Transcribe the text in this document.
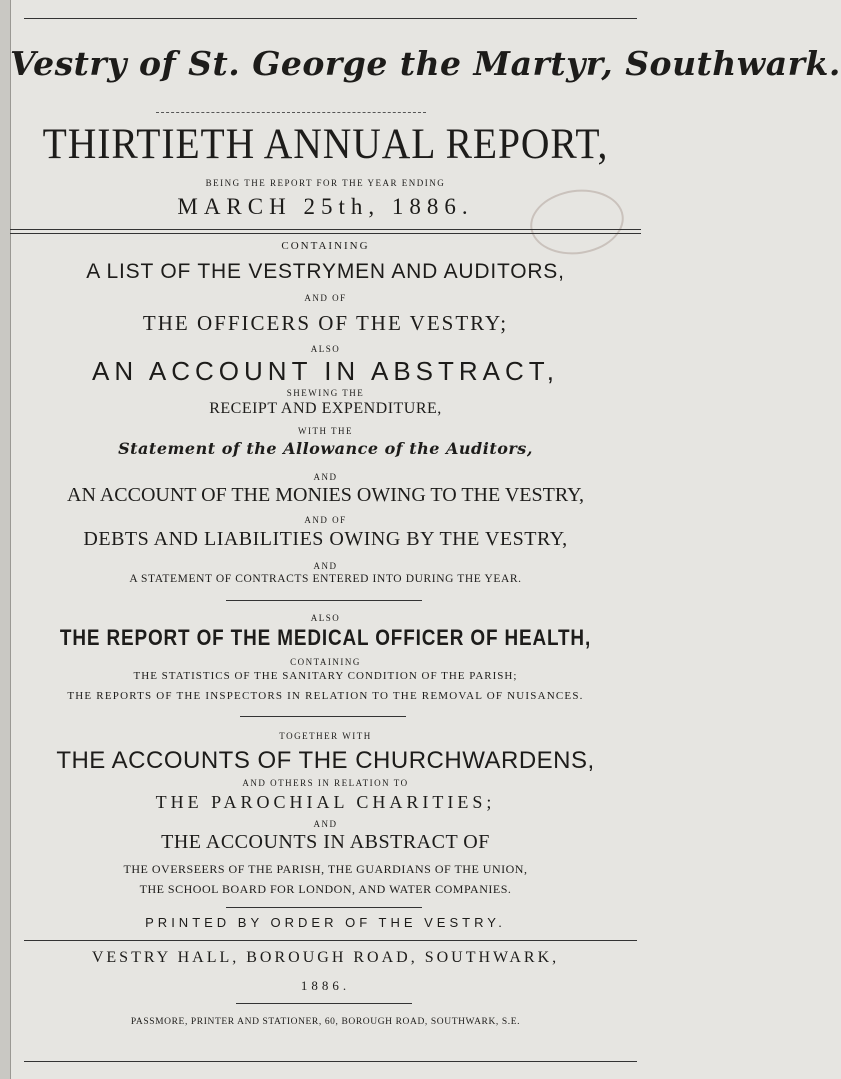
Vestry of St. George the Martyr, Southwark.
THIRTIETH ANNUAL REPORT,
BEING THE REPORT FOR THE YEAR ENDING
MARCH 25th, 1886.
CONTAINING
A LIST OF THE VESTRYMEN AND AUDITORS,
AND OF
THE OFFICERS OF THE VESTRY;
ALSO
AN ACCOUNT IN ABSTRACT,
SHEWING THE
RECEIPT AND EXPENDITURE,
WITH THE
Statement of the Allowance of the Auditors,
AND
AN ACCOUNT OF THE MONIES OWING TO THE VESTRY,
AND OF
DEBTS AND LIABILITIES OWING BY THE VESTRY,
AND
A STATEMENT OF CONTRACTS ENTERED INTO DURING THE YEAR.
ALSO
THE REPORT OF THE MEDICAL OFFICER OF HEALTH,
CONTAINING
THE STATISTICS OF THE SANITARY CONDITION OF THE PARISH;
THE REPORTS OF THE INSPECTORS IN RELATION TO THE REMOVAL OF NUISANCES.
TOGETHER WITH
THE ACCOUNTS OF THE CHURCHWARDENS,
AND OTHERS IN RELATION TO
THE PAROCHIAL CHARITIES;
AND
THE ACCOUNTS IN ABSTRACT OF
THE OVERSEERS OF THE PARISH, THE GUARDIANS OF THE UNION,
THE SCHOOL BOARD FOR LONDON, AND WATER COMPANIES.
PRINTED BY ORDER OF THE VESTRY.
VESTRY HALL, BOROUGH ROAD, SOUTHWARK,
1886.
PASSMORE, PRINTER AND STATIONER, 60, BOROUGH ROAD, SOUTHWARK, S.E.
